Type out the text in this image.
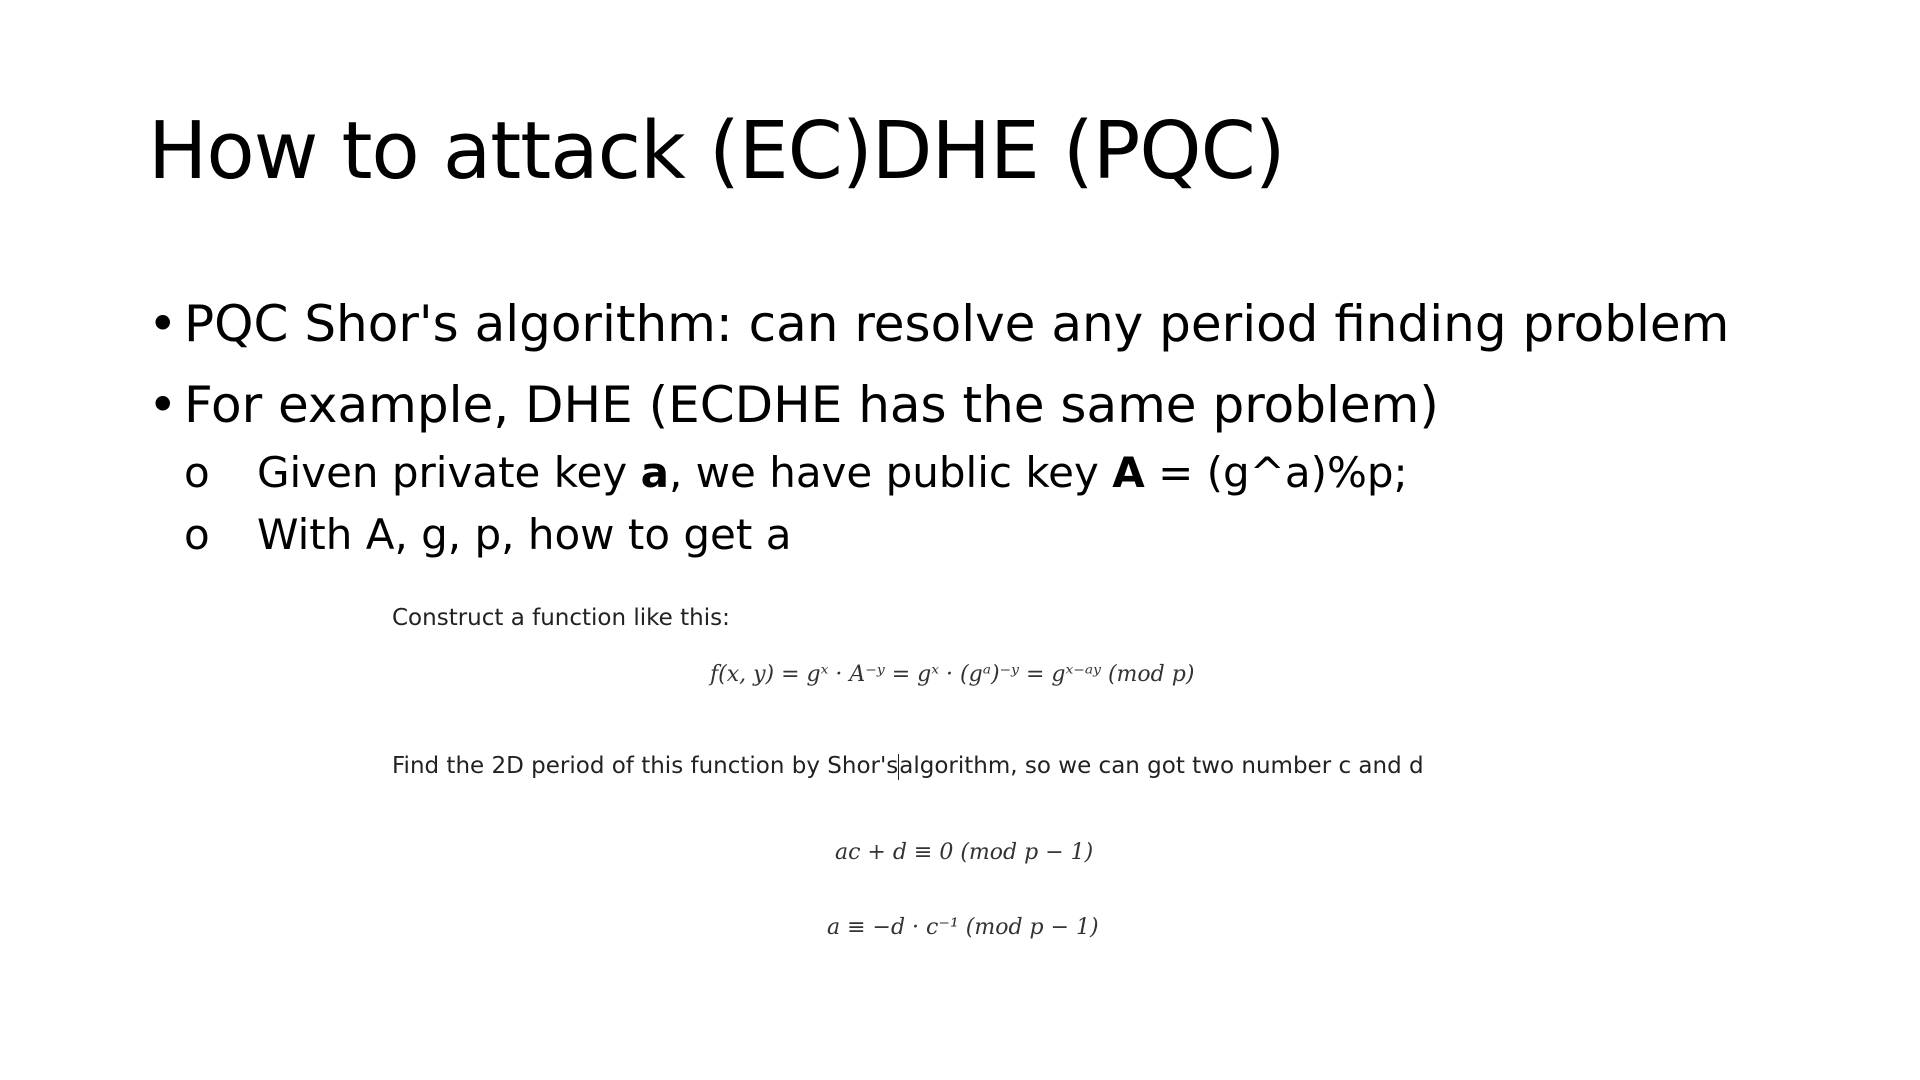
How to attack (EC)DHE (PQC)
• PQC Shor's algorithm: can resolve any period finding problem
• For example, DHE (ECDHE has the same problem)
o Given private key a, we have public key A = (g^a)%p;
o With A, g, p, how to get a
Construct a function like this:
f(x, y) = gˣ · A⁻ʸ = gˣ · (gᵃ)⁻ʸ = gˣ⁻ᵃʸ (mod p)
Find the 2D period of this function by Shor'salgorithm, so we can got two number c and d
ac + d ≡ 0 (mod p − 1)
a ≡ −d · c⁻¹ (mod p − 1)
